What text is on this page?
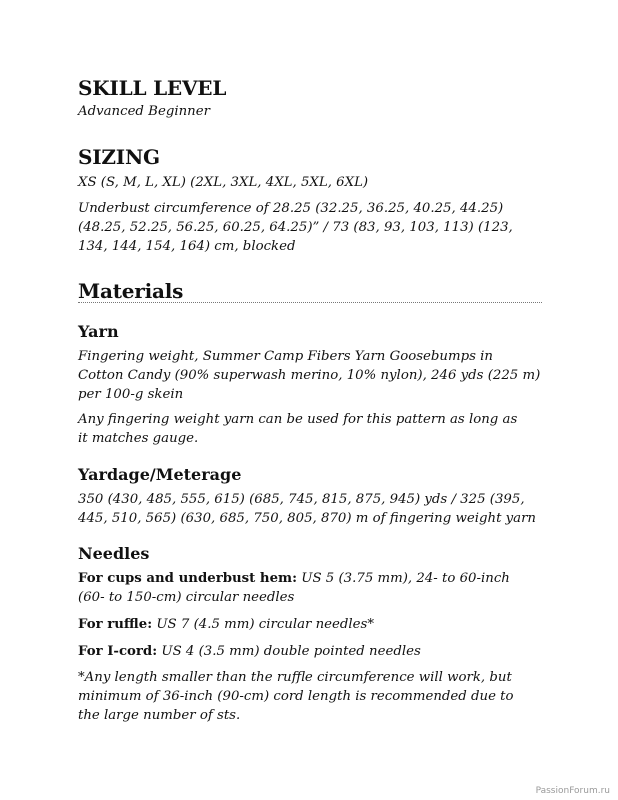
SKILL LEVEL
Advanced Beginner
SIZING
XS (S, M, L, XL) (2XL, 3XL, 4XL, 5XL, 6XL)
Underbust circumference of 28.25 (32.25, 36.25, 40.25, 44.25) (48.25, 52.25, 56.25, 60.25, 64.25)” / 73 (83, 93, 103, 113) (123, 134, 144, 154, 164) cm, blocked
Materials
Yarn
Fingering weight, Summer Camp Fibers Yarn Goosebumps in Cotton Candy (90% superwash merino, 10% nylon), 246 yds (225 m) per 100-g skein
Any fingering weight yarn can be used for this pattern as long as it matches gauge.
Yardage/Meterage
350 (430, 485, 555, 615) (685, 745, 815, 875, 945) yds / 325 (395, 445, 510, 565) (630, 685, 750, 805, 870) m of fingering weight yarn
Needles
For cups and underbust hem: US 5 (3.75 mm), 24- to 60-inch (60- to 150-cm) circular needles
For ruffle: US 7 (4.5 mm) circular needles*
For I-cord: US 4 (3.5 mm) double pointed needles
*Any length smaller than the ruffle circumference will work, but minimum of 36-inch (90-cm) cord length is recommended due to the large number of sts.
PassionForum.ru
